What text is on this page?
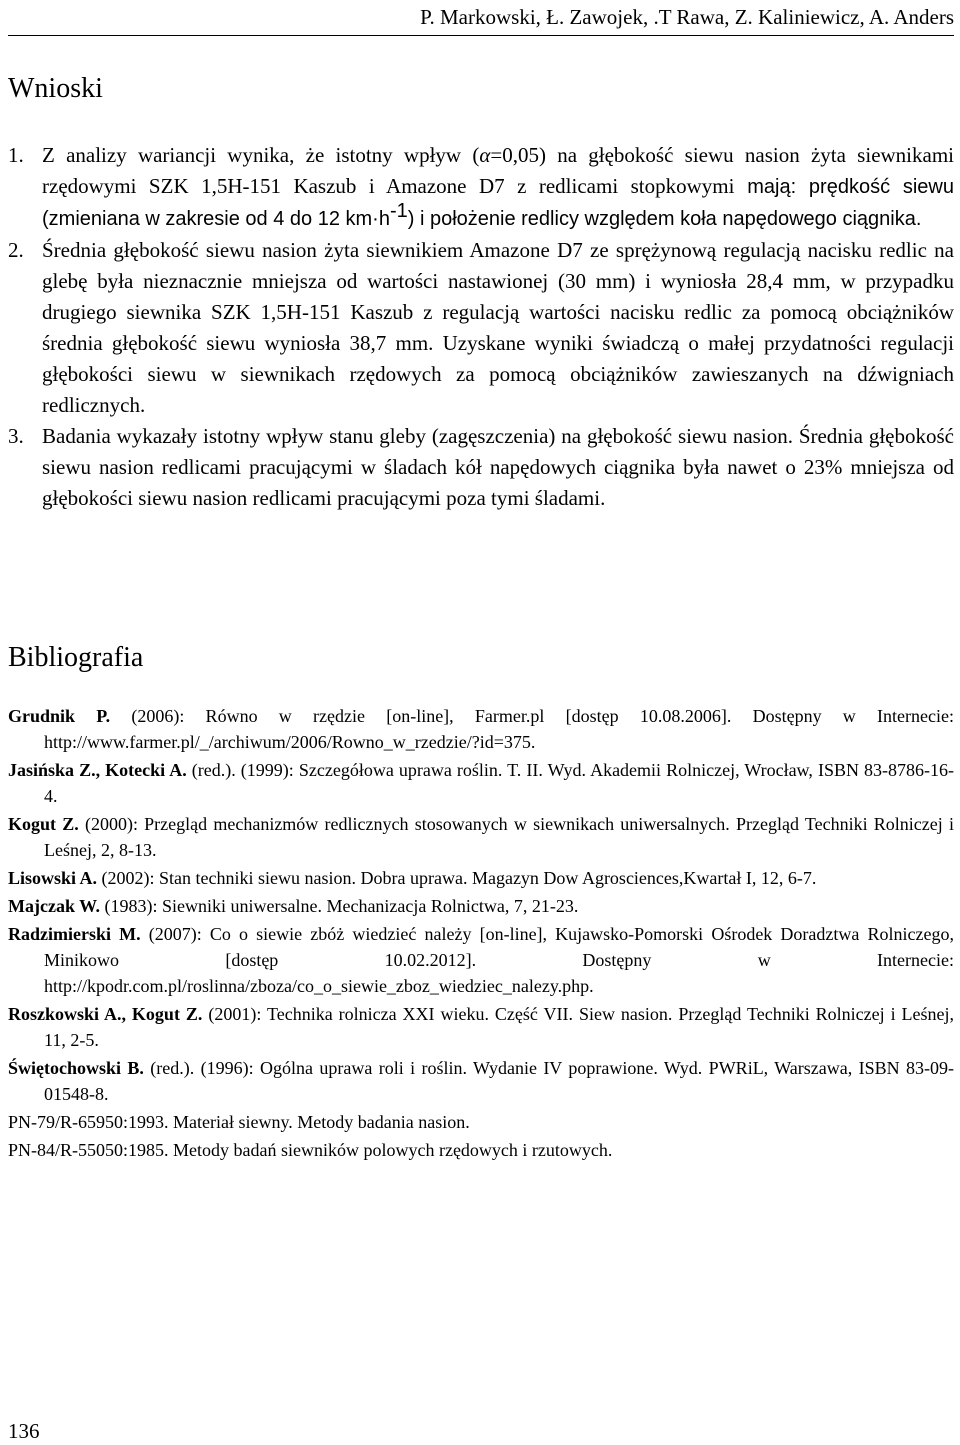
P. Markowski, Ł. Zawojek, .T Rawa, Z. Kaliniewicz, A. Anders
Wnioski
1. Z analizy wariancji wynika, że istotny wpływ (α=0,05) na głębokość siewu nasion żyta siewnikami rzędowymi SZK 1,5H-151 Kaszub i Amazone D7 z redlicami stopkowymi mają: prędkość siewu (zmieniana w zakresie od 4 do 12 $km\cdot h^{-1}$) i położenie redlicy względem koła napędowego ciągnika.
2. Średnia głębokość siewu nasion żyta siewnikiem Amazone D7 ze sprężynową regulacją nacisku redlic na glebę była nieznacznie mniejsza od wartości nastawionej (30 mm) i wyniosła 28,4 mm, w przypadku drugiego siewnika SZK 1,5H-151 Kaszub z regulacją wartości nacisku redlic za pomocą obciążników średnia głębokość siewu wyniosła 38,7 mm. Uzyskane wyniki świadczą o małej przydatności regulacji głębokości siewu w siewnikach rzędowych za pomocą obciążników zawieszanych na dźwigniach redlicznych.
3. Badania wykazały istotny wpływ stanu gleby (zagęszczenia) na głębokość siewu nasion. Średnia głębokość siewu nasion redlicami pracującymi w śladach kół napędowych ciągnika była nawet o 23% mniejsza od głębokości siewu nasion redlicami pracującymi poza tymi śladami.
Bibliografia

Grudnik P. (2006): Równo w rzędzie [on-line], Farmer.pl [dostęp 10.08.2006]. Dostępny w Internecie: http://www.farmer.pl/_/archiwum/2006/Rowno_w_rzedzie/?id=375.

Jasińska Z., Kotecki A. (red.). (1999): Szczegółowa uprawa roślin. T. II. Wyd. Akademii Rolniczej, Wrocław, ISBN 83-8786-16-4.

Kogut Z. (2000): Przegląd mechanizmów redlicznych stosowanych w siewnikach uniwersalnych. Przegląd Techniki Rolniczej i Leśnej, 2, 8-13.

Lisowski A. (2002): Stan techniki siewu nasion. Dobra uprawa. Magazyn Dow Agrosciences,Kwartał I, 12, 6-7.

Majczak W. (1983): Siewniki uniwersalne. Mechanizacja Rolnictwa, 7, 21-23.

Radzimierski M. (2007): Co o siewie zbóż wiedzieć należy [on-line], Kujawsko-Pomorski Ośrodek Doradztwa Rolniczego, Minikowo [dostęp 10.02.2012]. Dostępny w Internecie: http://kpodr.com.pl/roslinna/zboza/co_o_siewie_zboz_wiedziec_nalezy.php.

Roszkowski A., Kogut Z. (2001): Technika rolnicza XXI wieku. Część VII. Siew nasion. Przegląd Techniki Rolniczej i Leśnej, 11, 2-5.

Świętochowski B. (red.). (1996): Ogólna uprawa roli i roślin. Wydanie IV poprawione. Wyd. PWRiL, Warszawa, ISBN 83-09-01548-8.

PN-79/R-65950:1993. Materiał siewny. Metody badania nasion.

PN-84/R-55050:1985. Metody badań siewników polowych rzędowych i rzutowych.

136
